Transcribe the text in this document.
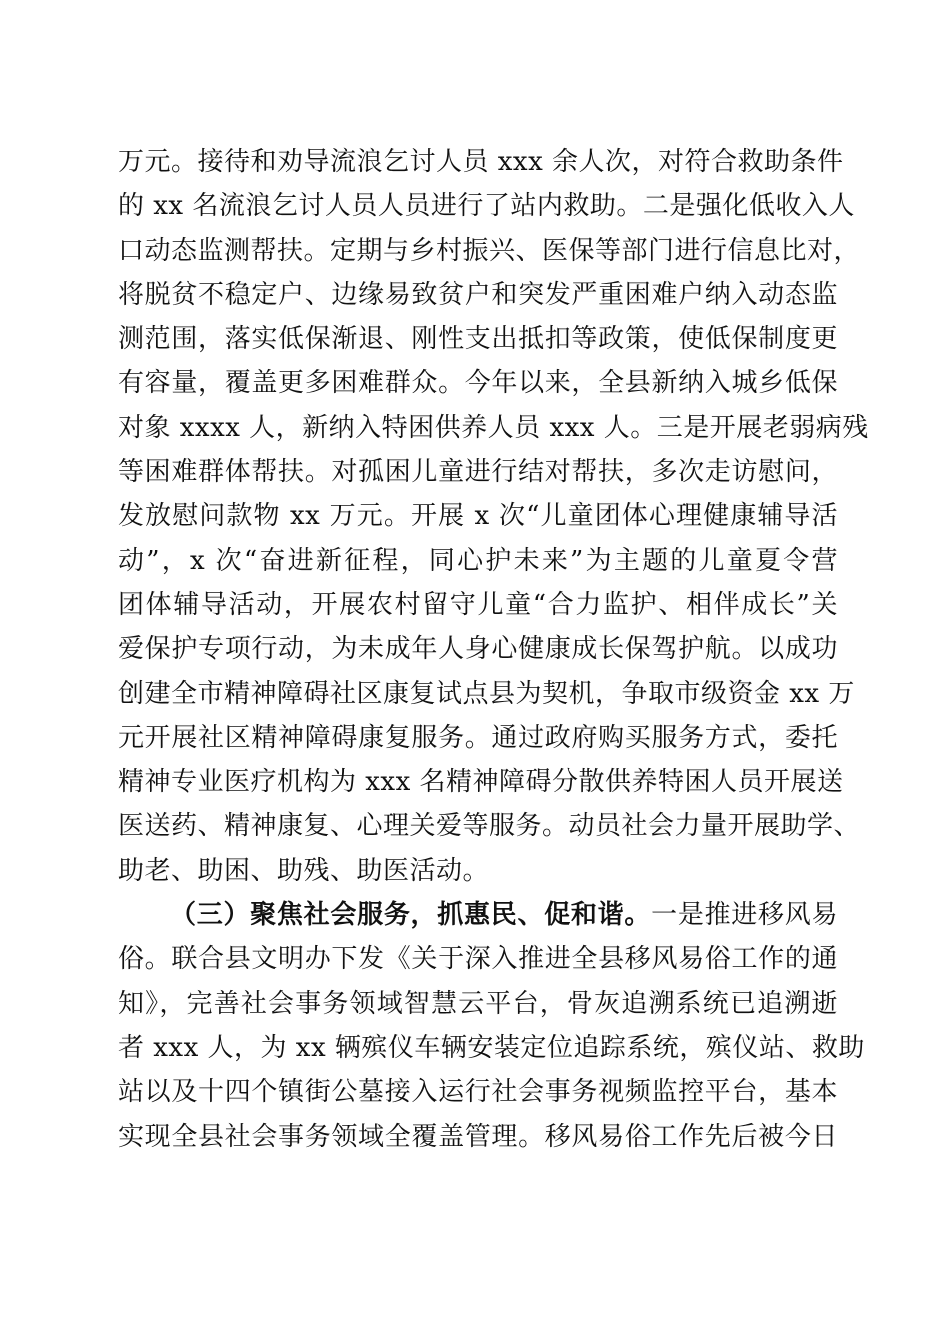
万元。接待和劝导流浪乞讨人员 xxx 余人次，对符合救助条件
的 xx 名流浪乞讨人员人员进行了站内救助。二是强化低收入人
口动态监测帮扶。定期与乡村振兴、医保等部门进行信息比对，
将脱贫不稳定户、边缘易致贫户和突发严重困难户纳入动态监
测范围，落实低保渐退、刚性支出抵扣等政策，使低保制度更
有容量，覆盖更多困难群众。今年以来，全县新纳入城乡低保
对象 xxxx 人，新纳入特困供养人员 xxx 人。三是开展老弱病残
等困难群体帮扶。对孤困儿童进行结对帮扶，多次走访慰问，
发放慰问款物 xx 万元。开展 x 次“儿童团体心理健康辅导活
动”，x 次“奋进新征程，同心护未来”为主题的儿童夏令营
团体辅导活动，开展农村留守儿童“合力监护、相伴成长”关
爱保护专项行动，为未成年人身心健康成长保驾护航。以成功
创建全市精神障碍社区康复试点县为契机，争取市级资金 xx 万
元开展社区精神障碍康复服务。通过政府购买服务方式，委托
精神专业医疗机构为 xxx 名精神障碍分散供养特困人员开展送
医送药、精神康复、心理关爱等服务。动员社会力量开展助学、
助老、助困、助残、助医活动。
（三）聚焦社会服务，抓惠民、促和谐。一是推进移风易
俗。联合县文明办下发《关于深入推进全县移风易俗工作的通
知》，完善社会事务领域智慧云平台，骨灰追溯系统已追溯逝
者 xxx 人，为 xx 辆殡仪车辆安装定位追踪系统，殡仪站、救助
站以及十四个镇街公墓接入运行社会事务视频监控平台，基本
实现全县社会事务领域全覆盖管理。移风易俗工作先后被今日
